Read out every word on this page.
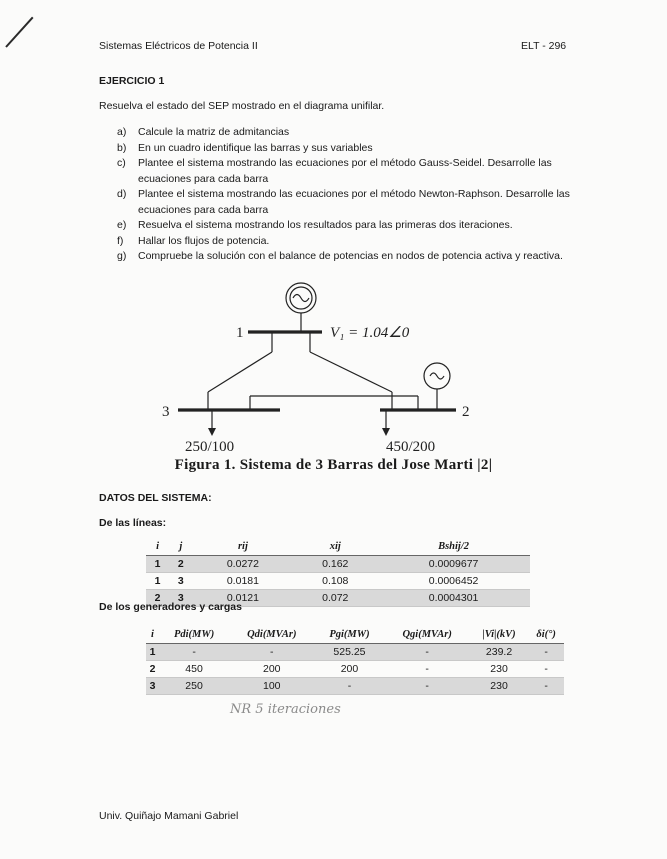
Sistemas Eléctricos de Potencia II	ELT - 296
EJERCICIO 1
Resuelva el estado del SEP mostrado en el diagrama unifilar.
a)	Calcule la matriz de admitancias
b)	En un cuadro identifique las barras y sus variables
c)	Plantee el sistema mostrando las ecuaciones por el método Gauss-Seidel. Desarrolle las ecuaciones para cada barra
d)	Plantee el sistema mostrando las ecuaciones por el método Newton-Raphson. Desarrolle las ecuaciones para cada barra
e)	Resuelva el sistema mostrando los resultados para las primeras dos iteraciones.
f)	Hallar los flujos de potencia.
g)	Compruebe la solución con el balance de potencias en nodos de potencia activa y reactiva.
1
3	2
V₁ = 1.04∠0
250/100	450/200
Figura 1. Sistema de 3 Barras del Jose Marti |2|
DATOS DEL SISTEMA:
De las líneas:
i	j	rij	xij	Bshij/2
1	2	0.0272	0.162	0.0009677
1	3	0.0181	0.108	0.0006452
2	3	0.0121	0.072	0.0004301
De los generadores y cargas
i	Pdi(MW)	Qdi(MVAr)	Pgi(MW)	Qgi(MVAr)	|Vi|(kV)	δi(°)
1	-	-	525.25	-	239.2	-
2	450	200	200	-	230	-
3	250	100	-	-	230	-
NR 5 iteraciones
Univ. Quiñajo Mamani Gabriel
